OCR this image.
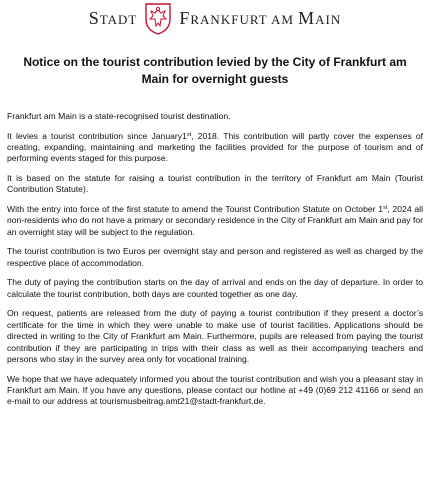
STADT FRANKFURT AM MAIN
Notice on the tourist contribution levied by the City of Frankfurt am Main for overnight guests

Frankfurt am Main is a state-recognised tourist destination.

It levies a tourist contribution since January1st, 2018. This contribution will partly cover the expenses of creating, expanding, maintaining and marketing the facilities provided for the purpose of tourism and of performing events staged for this purpose.

It is based on the statute for raising a tourist contribution in the territory of Frankfurt am Main (Tourist Contribution Statute).

With the entry into force of the first statute to amend the Tourist Contribution Statute on October 1st, 2024 all non-residents who do not have a primary or secondary residence in the City of Frankfurt am Main and pay for an overnight stay will be subject to the regulation.

The tourist contribution is two Euros per overnight stay and person and registered as well as charged by the respective place of accommodation.

The duty of paying the contribution starts on the day of arrival and ends on the day of departure. In order to calculate the tourist contribution, both days are counted together as one day.

On request, patients are released from the duty of paying a tourist contribution if they present a doctor’s certificate for the time in which they were unable to make use of tourist facilities. Applications should be directed in writing to the City of Frankfurt am Main. Furthermore, pupils are released from paying the tourist contribution if they are participating in trips with their class as well as their accompanying teachers and persons who stay in the survey area only for vocational training.

We hope that we have adequately informed you about the tourist contribution and wish you a pleasant stay in Frankfurt am Main. If you have any questions, please contact our hotline at +49 (0)69 212 41166 or send an e-mail to our address at tourismusbeitrag.amt21@stadt-frankfurt.de.
